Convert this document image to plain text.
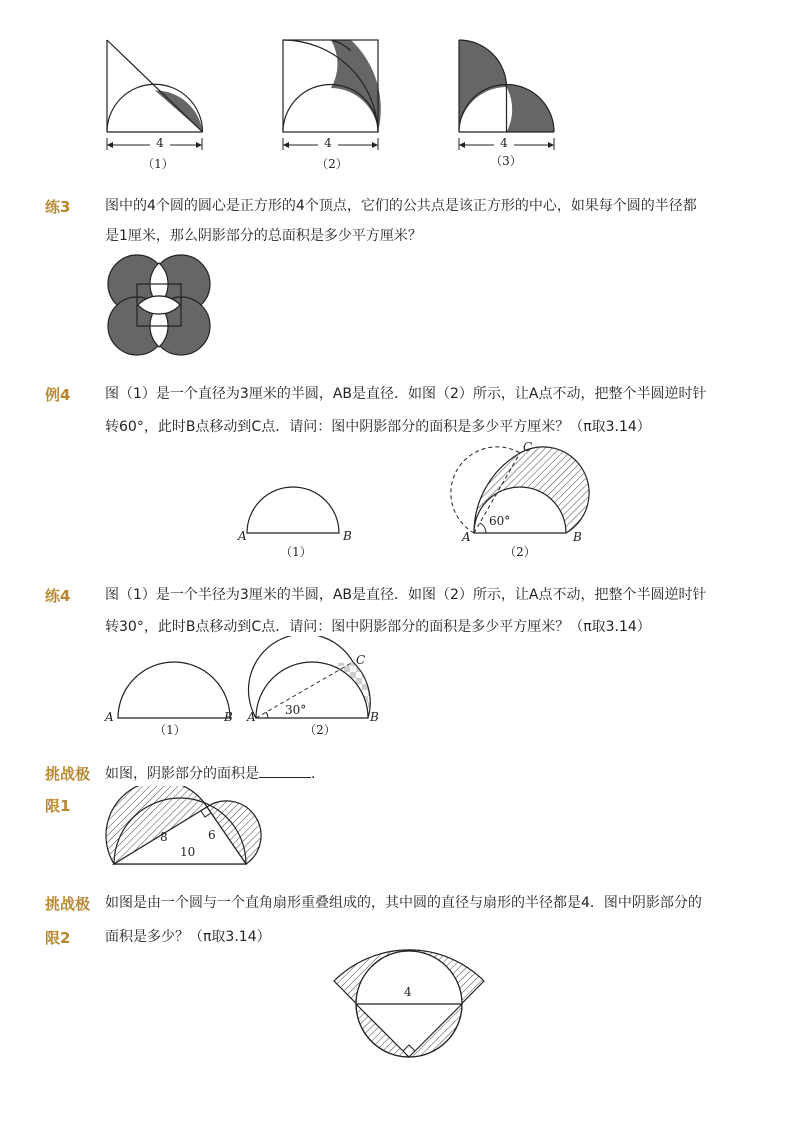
4	4	4
（1）	（2）	（3）
练3 图中的4个圆的圆心是正方形的4个顶点，它们的公共点是该正方形的中心，如果每个圆的半径都
是1厘米，那么阴影部分的总面积是多少平方厘米？
例4 图（1）是一个直径为3厘米的半圆，AB是直径．如图（2）所示，让A点不动，把整个半圆逆时针
转60°，此时B点移动到C点．请问：图中阴影部分的面积是多少平方厘米？（π取3.14）
A	B
（1）
A	B
C
60°
（2）
练4 图（1）是一个半径为3厘米的半圆，AB是直径．如图（2）所示，让A点不动，把整个半圆逆时针
转30°，此时B点移动到C点．请问：图中阴影部分的面积是多少平方厘米？（π取3.14）
A	B
（1）
A	B
C
30°
（2）
挑战极
限1
如图，阴影部分的面积是	．
8	6
10
挑战极
限2
如图是由一个圆与一个直角扇形重叠组成的，其中圆的直径与扇形的半径都是4．图中阴影部分的
面积是多少？（π取3.14）
4
